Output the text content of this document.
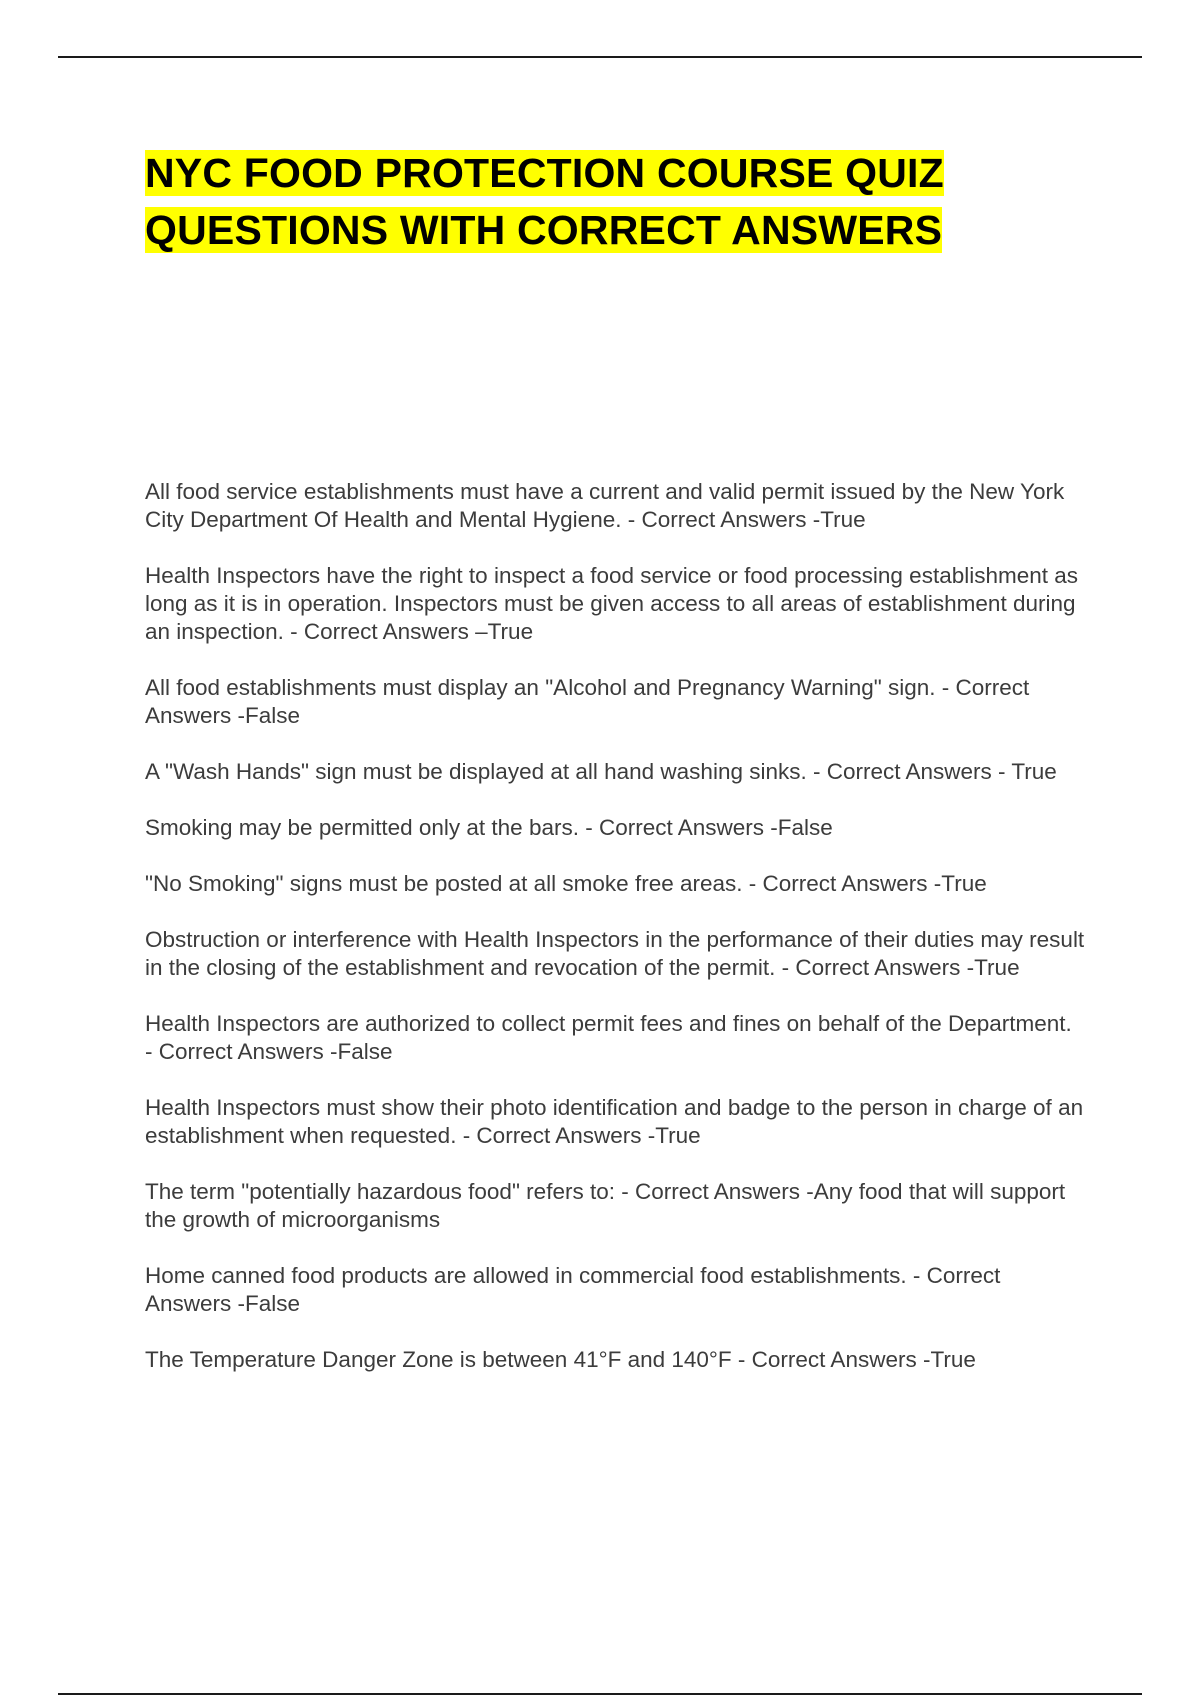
NYC FOOD PROTECTION COURSE QUIZ
QUESTIONS WITH CORRECT ANSWERS
All food service establishments must have a current and valid permit issued by the New York City Department Of Health and Mental Hygiene. - Correct Answers -True
Health Inspectors have the right to inspect a food service or food processing establishment as long as it is in operation. Inspectors must be given access to all areas of establishment during an inspection. - Correct Answers –True
All food establishments must display an "Alcohol and Pregnancy Warning" sign. - Correct Answers -False
A "Wash Hands" sign must be displayed at all hand washing sinks. - Correct Answers - True
Smoking may be permitted only at the bars. - Correct Answers -False
"No Smoking" signs must be posted at all smoke free areas. - Correct Answers -True
Obstruction or interference with Health Inspectors in the performance of their duties may result in the closing of the establishment and revocation of the permit. - Correct Answers -True
Health Inspectors are authorized to collect permit fees and fines on behalf of the Department. - Correct Answers -False
Health Inspectors must show their photo identification and badge to the person in charge of an establishment when requested. - Correct Answers -True
The term "potentially hazardous food" refers to: - Correct Answers -Any food that will support the growth of microorganisms
Home canned food products are allowed in commercial food establishments. - Correct Answers -False
The Temperature Danger Zone is between 41°F and 140°F - Correct Answers -True
